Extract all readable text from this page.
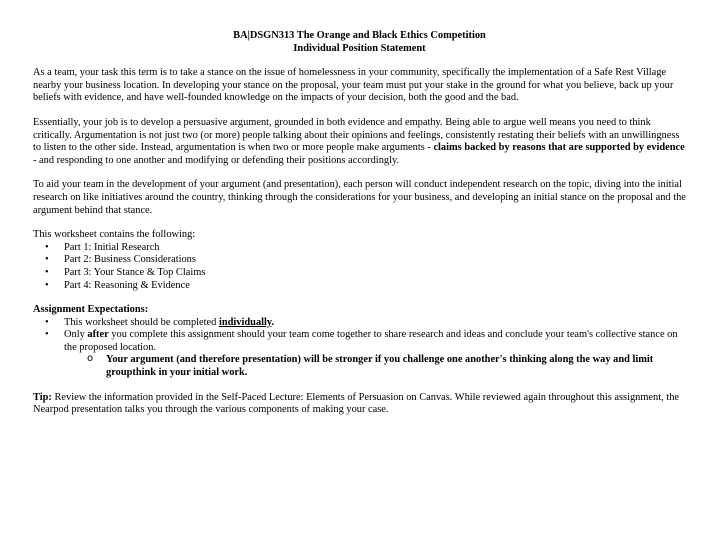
BA|DSGN313 The Orange and Black Ethics Competition
Individual Position Statement

As a team, your task this term is to take a stance on the issue of homelessness in your community, specifically the implementation of a Safe Rest Village nearby your business location. In developing your stance on the proposal, your team must put your stake in the ground for what you believe, back up your beliefs with evidence, and have well-founded knowledge on the impacts of your decision, both the good and the bad.

Essentially, your job is to develop a persuasive argument, grounded in both evidence and empathy. Being able to argue well means you need to think critically. Argumentation is not just two (or more) people talking about their opinions and feelings, consistently restating their beliefs with an unwillingness to listen to the other side. Instead, argumentation is when two or more people make arguments - claims backed by reasons that are supported by evidence - and responding to one another and modifying or defending their positions accordingly.

To aid your team in the development of your argument (and presentation), each person will conduct independent research on the topic, diving into the initial research on like initiatives around the country, thinking through the considerations for your business, and developing an initial stance on the proposal and the argument behind that stance.

This worksheet contains the following:
• Part 1: Initial Research
• Part 2: Business Considerations
• Part 3: Your Stance & Top Claims
• Part 4: Reasoning & Evidence
Assignment Expectations:
• This worksheet should be completed individually.
• Only after you complete this assignment should your team come together to share research and ideas and conclude your team's collective stance on the proposed location.
o Your argument (and therefore presentation) will be stronger if you challenge one another's thinking along the way and limit groupthink in your initial work.

Tip: Review the information provided in the Self-Paced Lecture: Elements of Persuasion on Canvas. While reviewed again throughout this assignment, the Nearpod presentation talks you through the various components of making your case.
